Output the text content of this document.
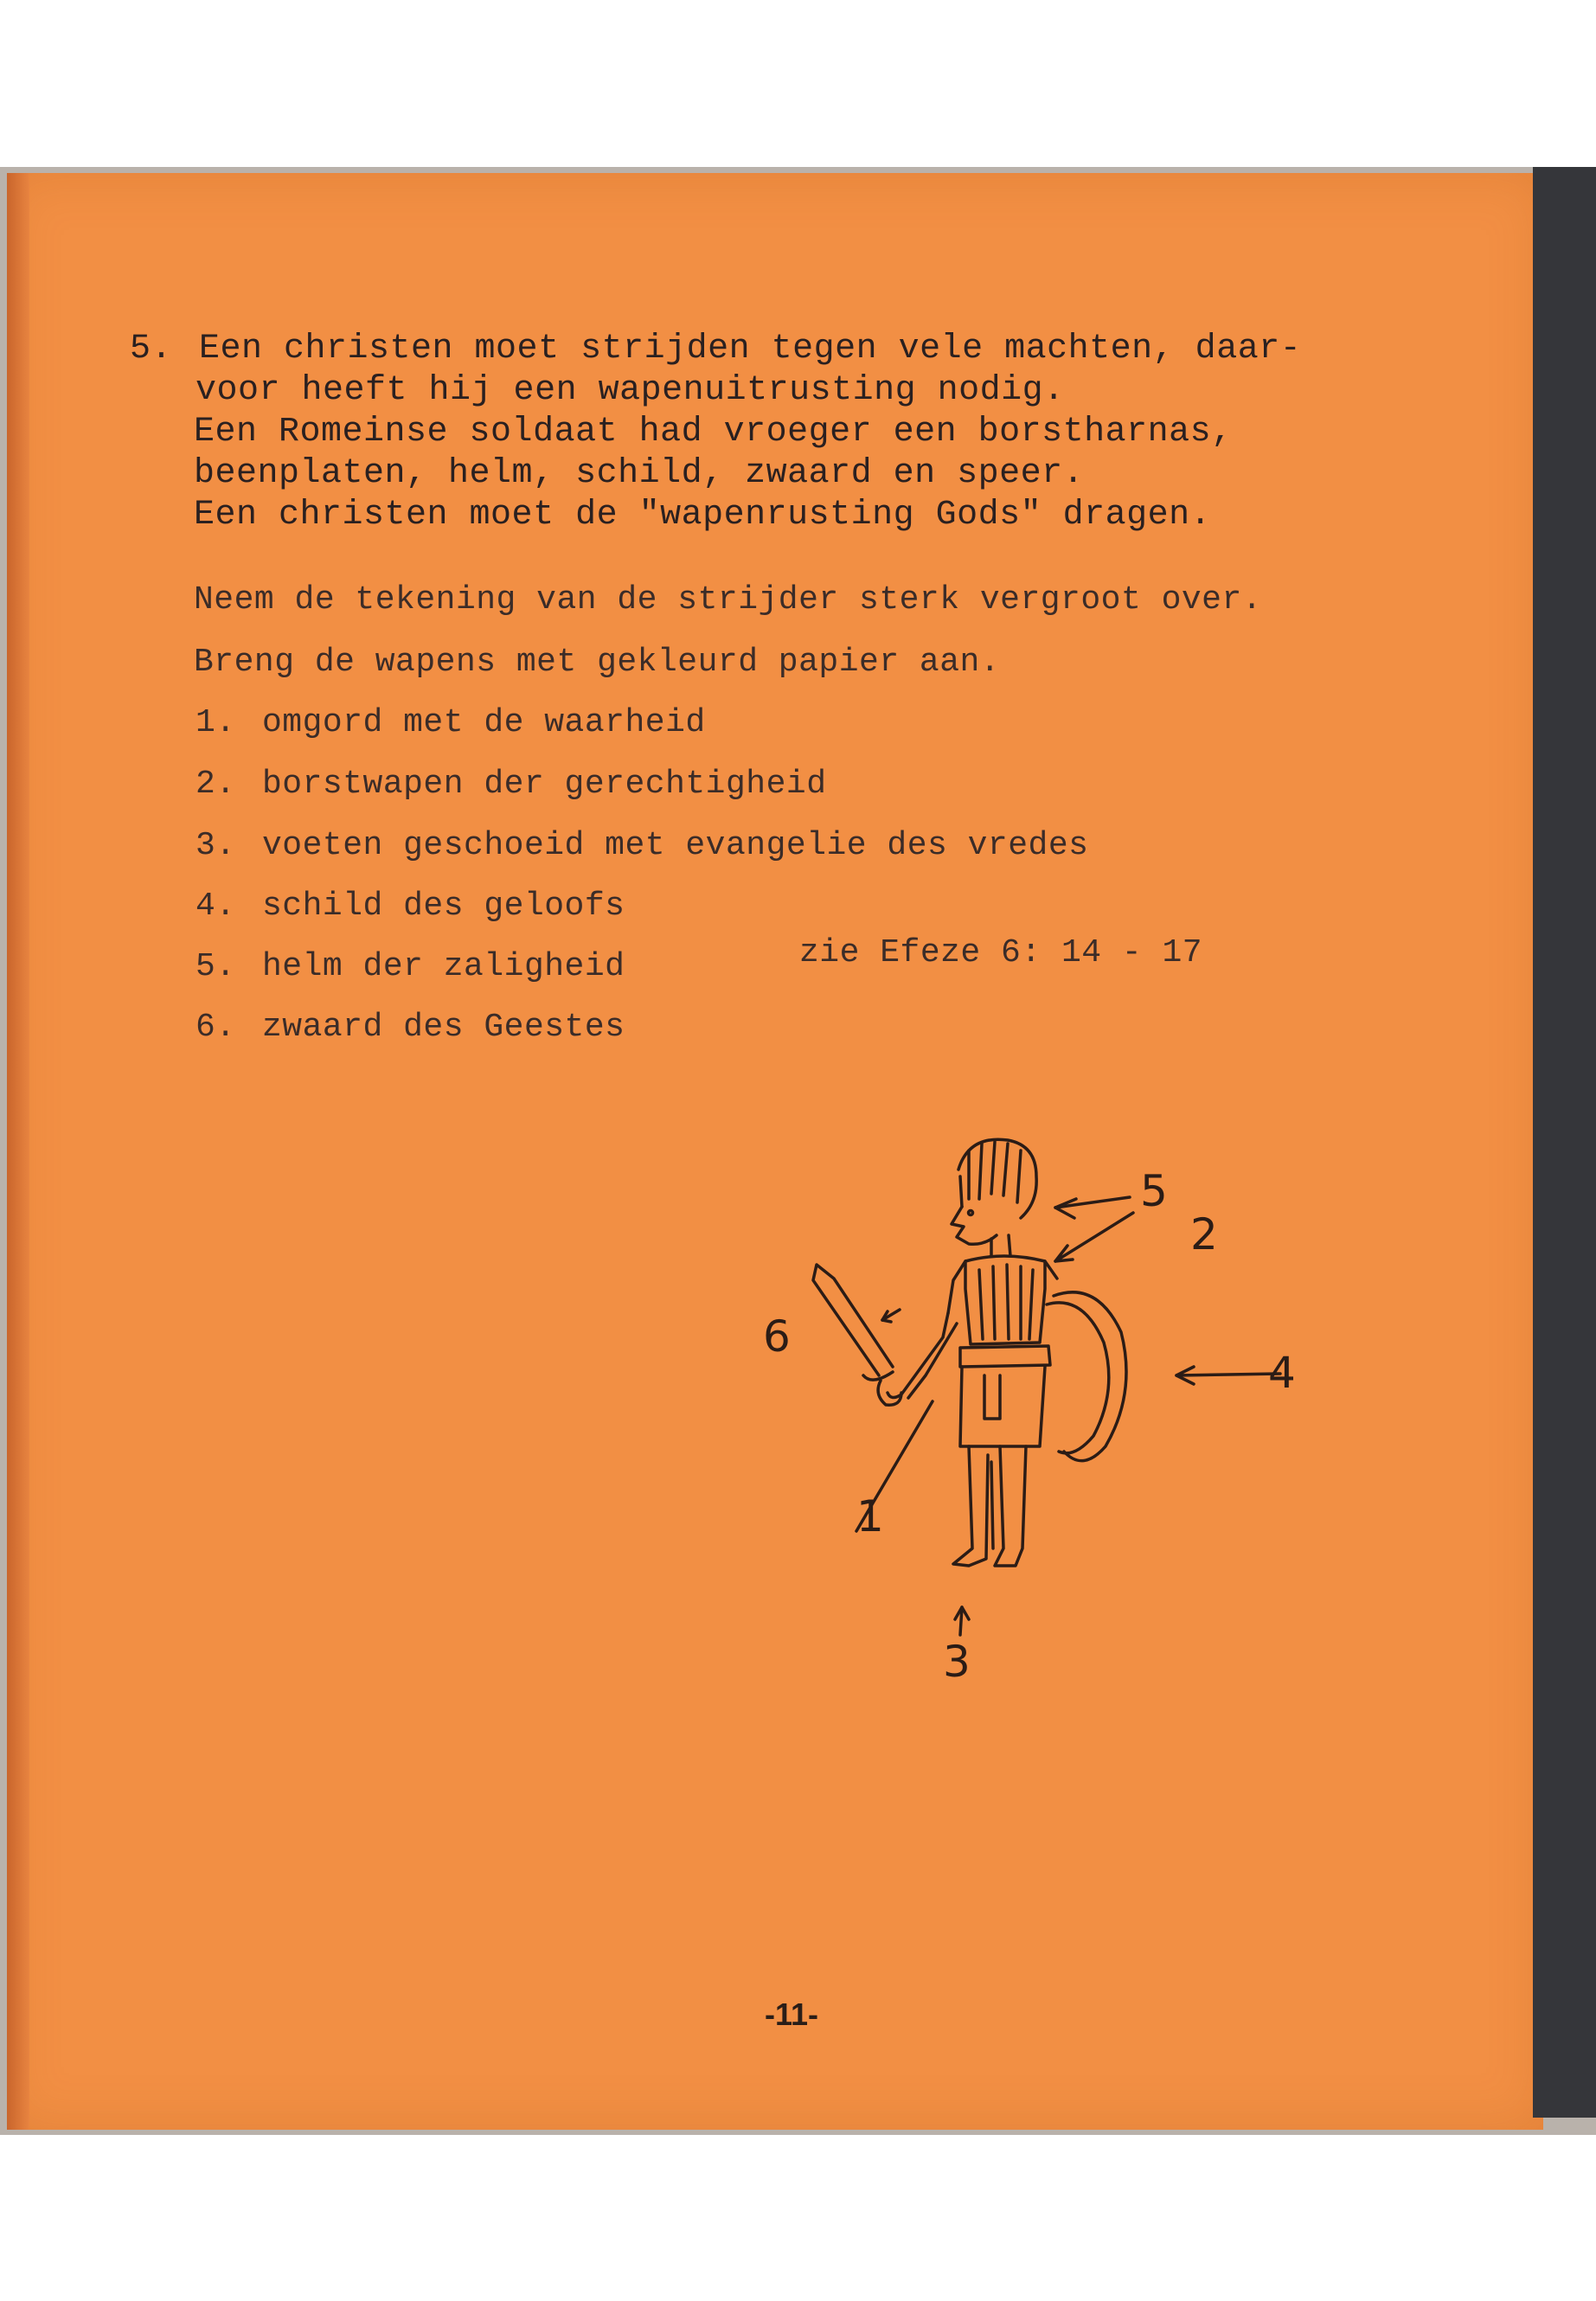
5. Een christen moet strijden tegen vele machten, daar-
voor heeft hij een wapenuitrusting nodig.
Een Romeinse soldaat had vroeger een borstharnas,
beenplaten, helm, schild, zwaard en speer.
Een christen moet de "wapenrusting Gods" dragen.
Neem de tekening van de strijder sterk vergroot over.
Breng de wapens met gekleurd papier aan.
1. omgord met de waarheid
2. borstwapen der gerechtigheid
3. voeten geschoeid met evangelie des vredes
4. schild des geloofs
5. helm der zaligheid
6. zwaard des Geestes
zie Efeze 6: 14 - 17
5
2
6
4
1
3
-11-
